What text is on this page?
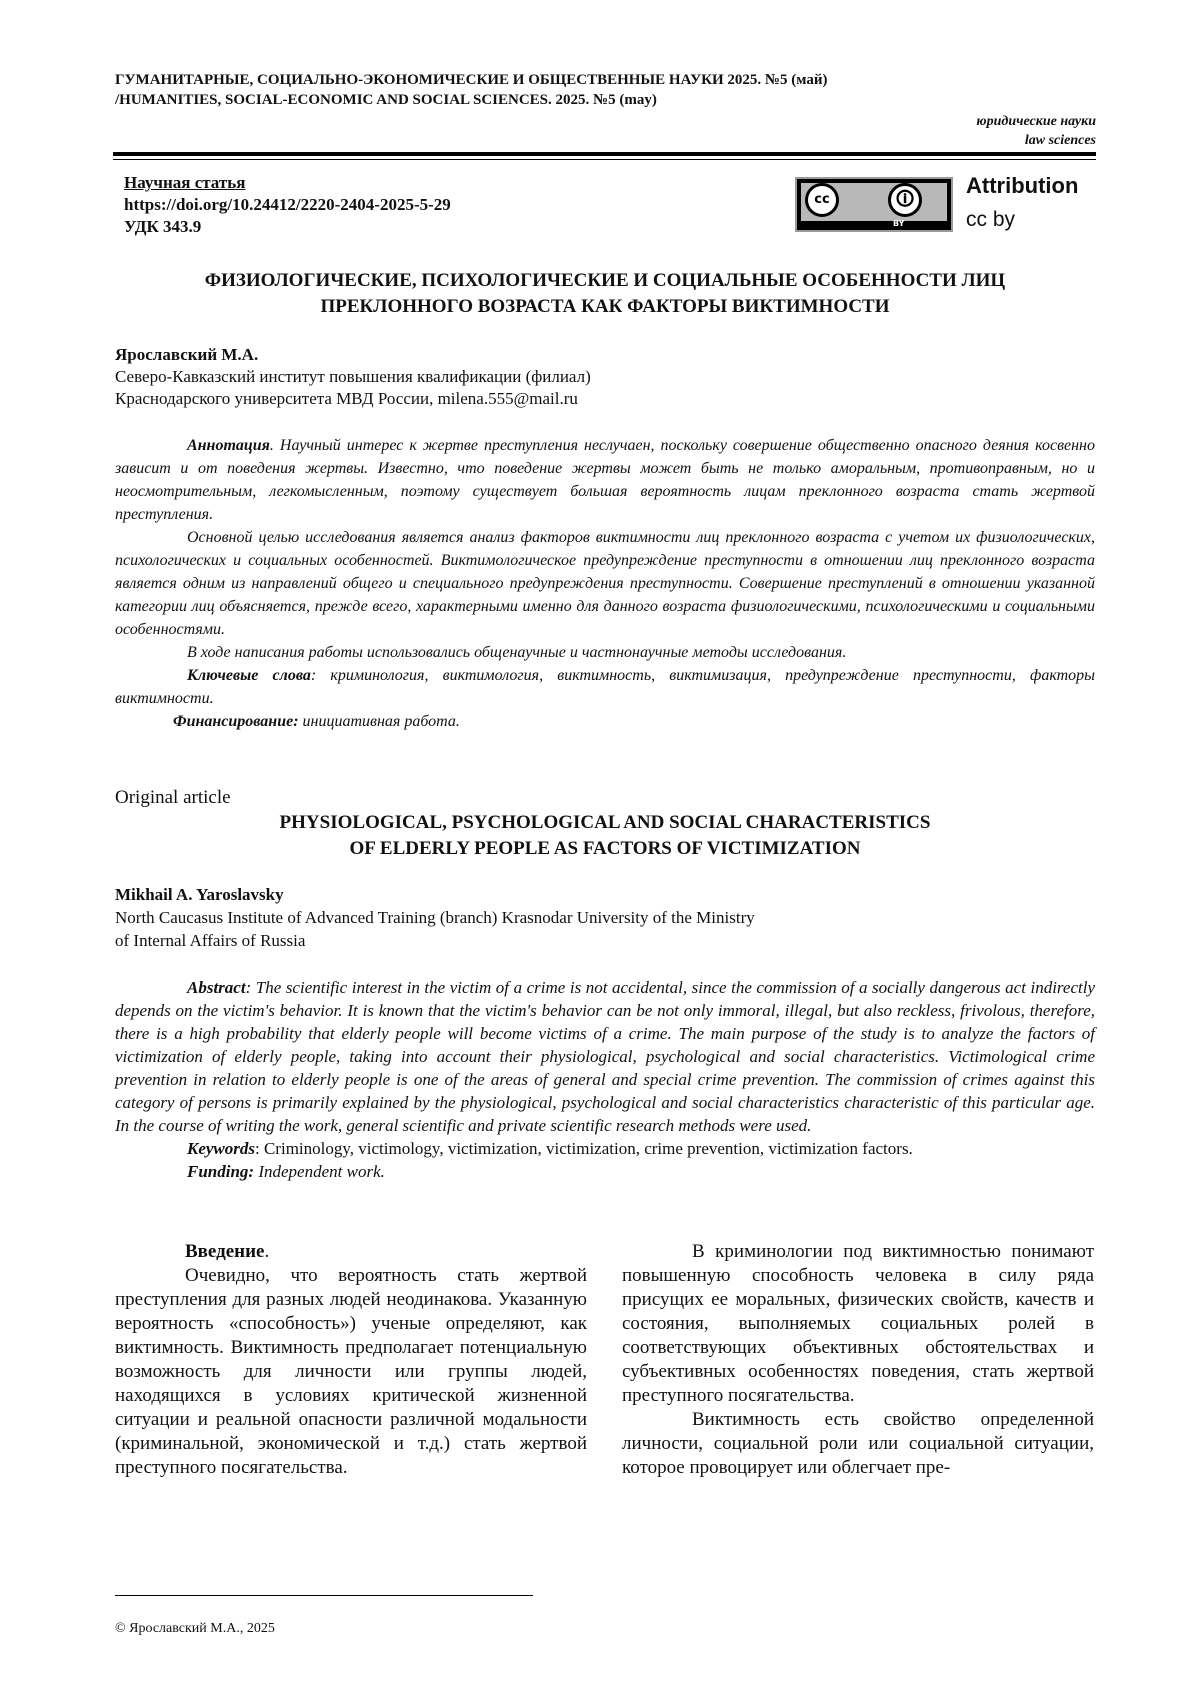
ГУМАНИТАРНЫЕ, СОЦИАЛЬНО-ЭКОНОМИЧЕСКИЕ И ОБЩЕСТВЕННЫЕ НАУКИ 2025. №5 (май)
/HUMANITIES, SOCIAL-ECONOMIC AND SOCIAL SCIENCES. 2025. №5 (may)
юридические науки
law sciences
Научная статья
https://doi.org/10.24412/2220-2404-2025-5-29
УДК 343.9
cc	🛈
BY
Attribution
cc by
ФИЗИОЛОГИЧЕСКИЕ, ПСИХОЛОГИЧЕСКИЕ И СОЦИАЛЬНЫЕ ОСОБЕННОСТИ ЛИЦ
ПРЕКЛОННОГО ВОЗРАСТА КАК ФАКТОРЫ ВИКТИМНОСТИ
Ярославский М.А.
Северо-Кавказский институт повышения квалификации (филиал)
Краснодарского университета МВД России, milena.555@mail.ru

Аннотация. Научный интерес к жертве преступления неслучаен, поскольку совершение общественно опасного деяния косвенно зависит и от поведения жертвы. Известно, что поведение жертвы может быть не только аморальным, противоправным, но и неосмотрительным, легкомысленным, поэтому существует большая вероятность лицам преклонного возраста стать жертвой преступления.

Основной целью исследования является анализ факторов виктимности лиц преклонного возраста с учетом их физиологических, психологических и социальных особенностей. Виктимологическое предупреждение преступности в отношении лиц преклонного возраста является одним из направлений общего и специального предупреждения преступности. Совершение преступлений в отношении указанной категории лиц объясняется, прежде всего, характерными именно для данного возраста физиологическими, психологическими и социальными особенностями.

В ходе написания работы использовались общенаучные и частнонаучные методы исследования.

Ключевые слова: криминология, виктимология, виктимность, виктимизация, предупреждение преступности, факторы виктимности.

Финансирование: инициативная работа.

Original article
PHYSIOLOGICAL, PSYCHOLOGICAL AND SOCIAL CHARACTERISTICS
OF ELDERLY PEOPLE AS FACTORS OF VICTIMIZATION
Mikhail A. Yaroslavsky
North Caucasus Institute of Advanced Training (branch) Krasnodar University of the Ministry
of Internal Affairs of Russia

Abstract: The scientific interest in the victim of a crime is not accidental, since the commission of a socially dangerous act indirectly depends on the victim's behavior. It is known that the victim's behavior can be not only immoral, illegal, but also reckless, frivolous, therefore, there is a high probability that elderly people will become victims of a crime. The main purpose of the study is to analyze the factors of victimization of elderly people, taking into account their physiological, psychological and social characteristics. Victimological crime prevention in relation to elderly people is one of the areas of general and special crime prevention. The commission of crimes against this category of persons is primarily explained by the physiological, psychological and social characteristics characteristic of this particular age. In the course of writing the work, general scientific and private scientific research methods were used.

Keywords: Criminology, victimology, victimization, victimization, crime prevention, victimization factors.

Funding: Independent work.

Введение.

Очевидно, что вероятность стать жертвой преступления для разных людей неодинакова. Указанную вероятность «способность») ученые определяют, как виктимность. Виктимность предполагает потенциальную возможность для личности или группы людей, находящихся в условиях критической жизненной ситуации и реальной опасности различной модальности (криминальной, экономической и т.д.) стать жертвой преступного посягательства.

В криминологии под виктимностью понимают повышенную способность человека в силу ряда присущих ее моральных, физических свойств, качеств и состояния, выполняемых социальных ролей в соответствующих объективных обстоятельствах и субъективных особенностях поведения, стать жертвой преступного посягательства.

Виктимность есть свойство определенной личности, социальной роли или социальной ситуации, которое провоцирует или облегчает пре-

© Ярославский М.А., 2025
